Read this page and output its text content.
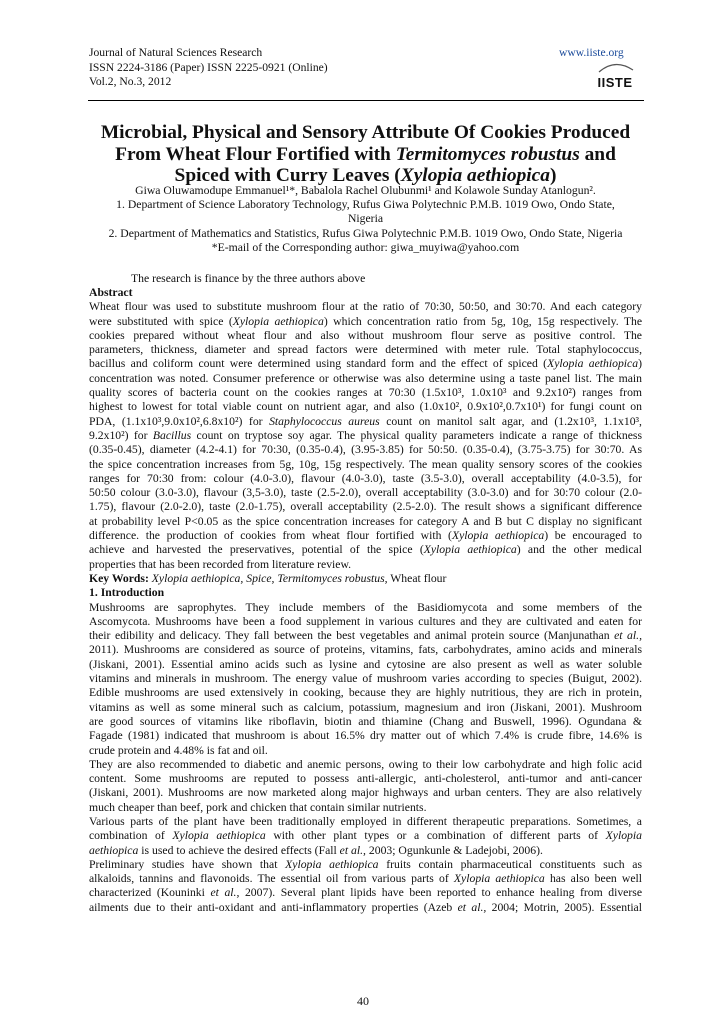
Journal of Natural Sciences Research
ISSN 2224-3186 (Paper) ISSN 2225-0921 (Online)
Vol.2, No.3, 2012
www.iiste.org
IISTE
Microbial, Physical and Sensory Attribute Of Cookies Produced
From Wheat Flour Fortified with Termitomyces robustus and
Spiced with Curry Leaves (Xylopia aethiopica)
Giwa Oluwamodupe Emmanuel¹*, Babalola Rachel Olubunmi¹ and Kolawole Sunday Atanlogun².
1. Department of Science Laboratory Technology, Rufus Giwa Polytechnic P.M.B. 1019 Owo, Ondo State,
Nigeria
2. Department of Mathematics and Statistics, Rufus Giwa Polytechnic P.M.B. 1019 Owo, Ondo State, Nigeria
*E-mail of the Corresponding author: giwa_muyiwa@yahoo.com
The research is finance by the three authors above
Abstract
Wheat flour was used to substitute mushroom flour at the ratio of 70:30, 50:50, and 30:70. And each category
were substituted with spice (Xylopia aethiopica) which concentration ratio from 5g, 10g, 15g respectively. The
cookies prepared without wheat flour and also without mushroom flour serve as positive control. The
parameters, thickness, diameter and spread factors were determined with meter rule. Total staphylococcus,
bacillus and coliform count were determined using standard form and the effect of spiced (Xylopia aethiopica)
concentration was noted. Consumer preference or otherwise was also determine using a taste panel list. The main
quality scores of bacteria count on the cookies ranges at 70:30 (1.5x10³, 1.0x10³ and 9.2x10²) ranges from
highest to lowest for total viable count on nutrient agar, and also (1.0x10², 0.9x10²,0.7x10¹) for fungi count on
PDA, (1.1x10³,9.0x10²,6.8x10²) for Staphylococcus aureus count on manitol salt agar, and (1.2x10³, 1.1x10³,
9.2x10²) for Bacillus count on tryptose soy agar. The physical quality parameters indicate a range of thickness
(0.35-0.45), diameter (4.2-4.1) for 70:30, (0.35-0.4), (3.95-3.85) for 50:50. (0.35-0.4), (3.75-3.75) for 30:70. As
the spice concentration increases from 5g, 10g, 15g respectively. The mean quality sensory scores of the cookies
ranges for 70:30 from: colour (4.0-3.0), flavour (4.0-3.0), taste (3.5-3.0), overall acceptability (4.0-3.5), for
50:50 colour (3.0-3.0), flavour (3,5-3.0), taste (2.5-2.0), overall acceptability (3.0-3.0) and for 30:70 colour (2.0-
1.75), flavour (2.0-2.0), taste (2.0-1.75), overall acceptability (2.5-2.0). The result shows a significant difference
at probability level P<0.05 as the spice concentration increases for category A and B but C display no significant
difference. the production of cookies from wheat flour fortified with (Xylopia aethiopica) be encouraged to
achieve and harvested the preservatives, potential of the spice (Xylopia aethiopica) and the other medical
properties that has been recorded from literature review.
Key Words: Xylopia aethiopica, Spice, Termitomyces robustus, Wheat flour
1. Introduction
Mushrooms are saprophytes. They include members of the Basidiomycota and some members of the
Ascomycota. Mushrooms have been a food supplement in various cultures and they are cultivated and eaten for
their edibility and delicacy. They fall between the best vegetables and animal protein source (Manjunathan et al.,
2011). Mushrooms are considered as source of proteins, vitamins, fats, carbohydrates, amino acids and minerals
(Jiskani, 2001). Essential amino acids such as lysine and cytosine are also present as well as water soluble
vitamins and minerals in mushroom. The energy value of mushroom varies according to species (Buigut, 2002).
Edible mushrooms are used extensively in cooking, because they are highly nutritious, they are rich in protein,
vitamins as well as some mineral such as calcium, potassium, magnesium and iron (Jiskani, 2001). Mushroom
are good sources of vitamins like riboflavin, biotin and thiamine (Chang and Buswell, 1996). Ogundana &
Fagade (1981) indicated that mushroom is about 16.5% dry matter out of which 7.4% is crude fibre, 14.6% is
crude protein and 4.48% is fat and oil.
They are also recommended to diabetic and anemic persons, owing to their low carbohydrate and high folic acid
content. Some mushrooms are reputed to possess anti-allergic, anti-cholesterol, anti-tumor and anti-cancer
(Jiskani, 2001). Mushrooms are now marketed along major highways and urban centers. They are also relatively
much cheaper than beef, pork and chicken that contain similar nutrients.
Various parts of the plant have been traditionally employed in different therapeutic preparations. Sometimes, a
combination of Xylopia aethiopica with other plant types or a combination of different parts of Xylopia
aethiopica is used to achieve the desired effects (Fall et al., 2003; Ogunkunle & Ladejobi, 2006).
Preliminary studies have shown that Xylopia aethiopica fruits contain pharmaceutical constituents such as
alkaloids, tannins and flavonoids. The essential oil from various parts of Xylopia aethiopica has also been well
characterized (Kouninki et al., 2007). Several plant lipids have been reported to enhance healing from diverse
ailments due to their anti-oxidant and anti-inflammatory properties (Azeb et al., 2004; Motrin, 2005). Essential
40
